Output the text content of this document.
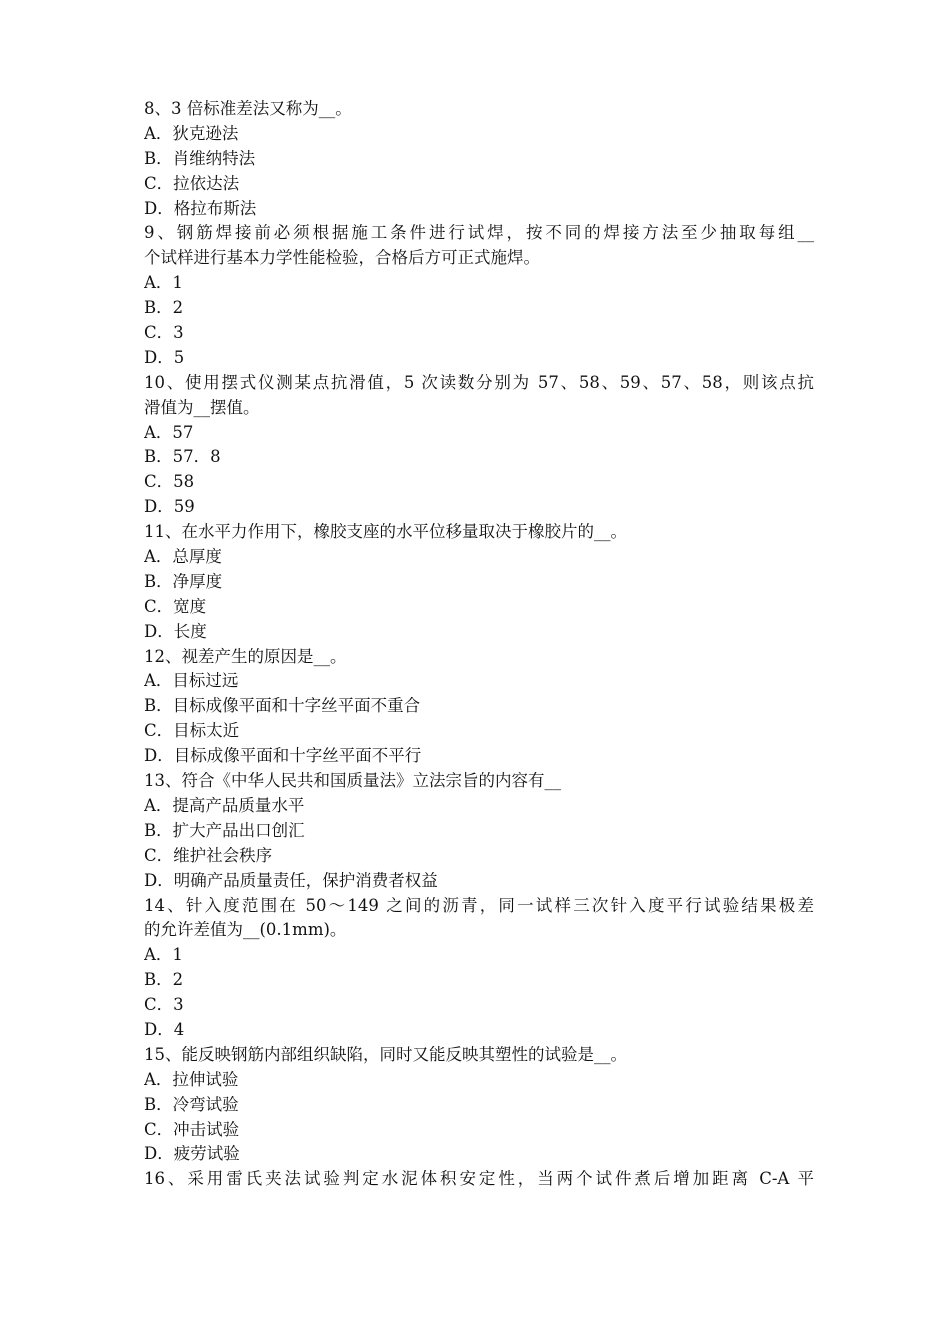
8、3 倍标准差法又称为__。
A．狄克逊法
B．肖维纳特法
C．拉依达法
D．格拉布斯法
9、钢筋焊接前必须根据施工条件进行试焊，按不同的焊接方法至少抽取每组__
个试样进行基本力学性能检验，合格后方可正式施焊。
A．1
B．2
C．3
D．5
10、使用摆式仪测某点抗滑值，5 次读数分别为 57、58、59、57、58，则该点抗
滑值为__摆值。
A．57
B．57．8
C．58
D．59
11、在水平力作用下，橡胶支座的水平位移量取决于橡胶片的__。
A．总厚度
B．净厚度
C．宽度
D．长度
12、视差产生的原因是__。
A．目标过远
B．目标成像平面和十字丝平面不重合
C．目标太近
D．目标成像平面和十字丝平面不平行
13、符合《中华人民共和国质量法》立法宗旨的内容有__
A．提高产品质量水平
B．扩大产品出口创汇
C．维护社会秩序
D．明确产品质量责任，保护消费者权益
14、针入度范围在 50～149 之间的沥青，同一试样三次针入度平行试验结果极差
的允许差值为__(0.1mm)。
A．1
B．2
C．3
D．4
15、能反映钢筋内部组织缺陷，同时又能反映其塑性的试验是__。
A．拉伸试验
B．冷弯试验
C．冲击试验
D．疲劳试验
16、采用雷氏夹法试验判定水泥体积安定性，当两个试件煮后增加距离 C-A 平
